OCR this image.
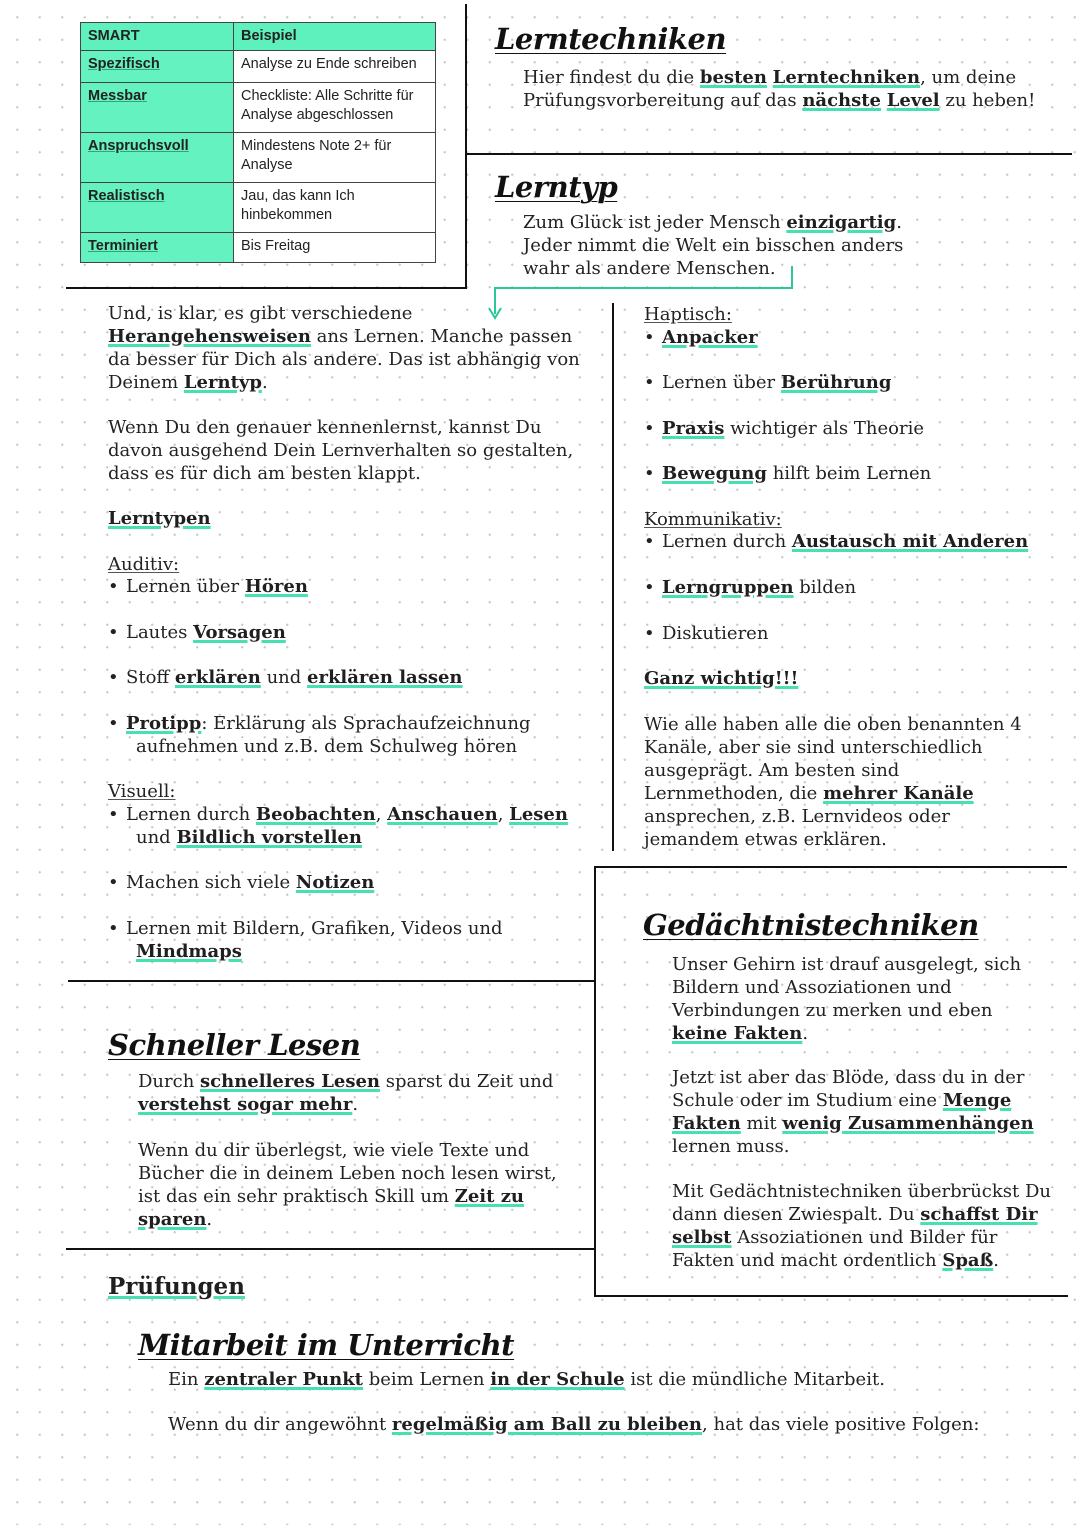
SMART	Beispiel
Spezifisch	Analyse zu Ende schreiben
Messbar	Checkliste: Alle Schritte für Analyse abgeschlossen
Anspruchsvoll	Mindestens Note 2+ für Analyse
Realistisch	Jau, das kann Ich hinbekommen
Terminiert	Bis Freitag
Lerntechniken

Hier findest du die besten Lerntechniken, um deine Prüfungsvorbereitung auf das nächste Level zu heben!

Lerntyp

Zum Glück ist jeder Mensch einzigartig.
Jeder nimmt die Welt ein bisschen anders
wahr als andere Menschen.

Und, is klar, es gibt verschiedene Herangehensweisen ans Lernen. Manche passen da besser für Dich als andere. Das ist abhängig von Deinem Lerntyp.

Wenn Du den genauer kennenlernst, kannst Du davon ausgehend Dein Lernverhalten so gestalten, dass es für dich am besten klappt.

Lerntypen
Auditiv:
• Lernen über Hören
• Lautes Vorsagen
• Stoff erklären und erklären lassen
• Protipp: Erklärung als Sprachaufzeichnung
aufnehmen und z.B. dem Schulweg hören
Visuell:
• Lernen durch Beobachten, Anschauen, Lesen
und Bildlich vorstellen
• Machen sich viele Notizen
• Lernen mit Bildern, Grafiken, Videos und
Mindmaps
Haptisch:
• Anpacker
• Lernen über Berührung
• Praxis wichtiger als Theorie
• Bewegung hilft beim Lernen
Kommunikativ:
• Lernen durch Austausch mit Anderen
• Lerngruppen bilden
• Diskutieren
Ganz wichtig!!!

Wie alle haben alle die oben benannten 4 Kanäle, aber sie sind unterschiedlich ausgeprägt. Am besten sind Lernmethoden, die mehrer Kanäle ansprechen, z.B. Lernvideos oder jemandem etwas erklären.

Gedächtnistechniken

Unser Gehirn ist drauf ausgelegt, sich Bildern und Assoziationen und Verbindungen zu merken und eben keine Fakten.

Jetzt ist aber das Blöde, dass du in der Schule oder im Studium eine Menge Fakten mit wenig Zusammenhängen lernen muss.

Mit Gedächtnistechniken überbrückst Du dann diesen Zwiespalt. Du schaffst Dir selbst Assoziationen und Bilder für Fakten und macht ordentlich Spaß.

Schneller Lesen

Durch schnelleres Lesen sparst du Zeit und verstehst sogar mehr.

Wenn du dir überlegst, wie viele Texte und Bücher die in deinem Leben noch lesen wirst, ist das ein sehr praktisch Skill um Zeit zu sparen.

Prüfungen
Mitarbeit im Unterricht

Ein zentraler Punkt beim Lernen in der Schule ist die mündliche Mitarbeit.

Wenn du dir angewöhnt regelmäßig am Ball zu bleiben, hat das viele positive Folgen:
